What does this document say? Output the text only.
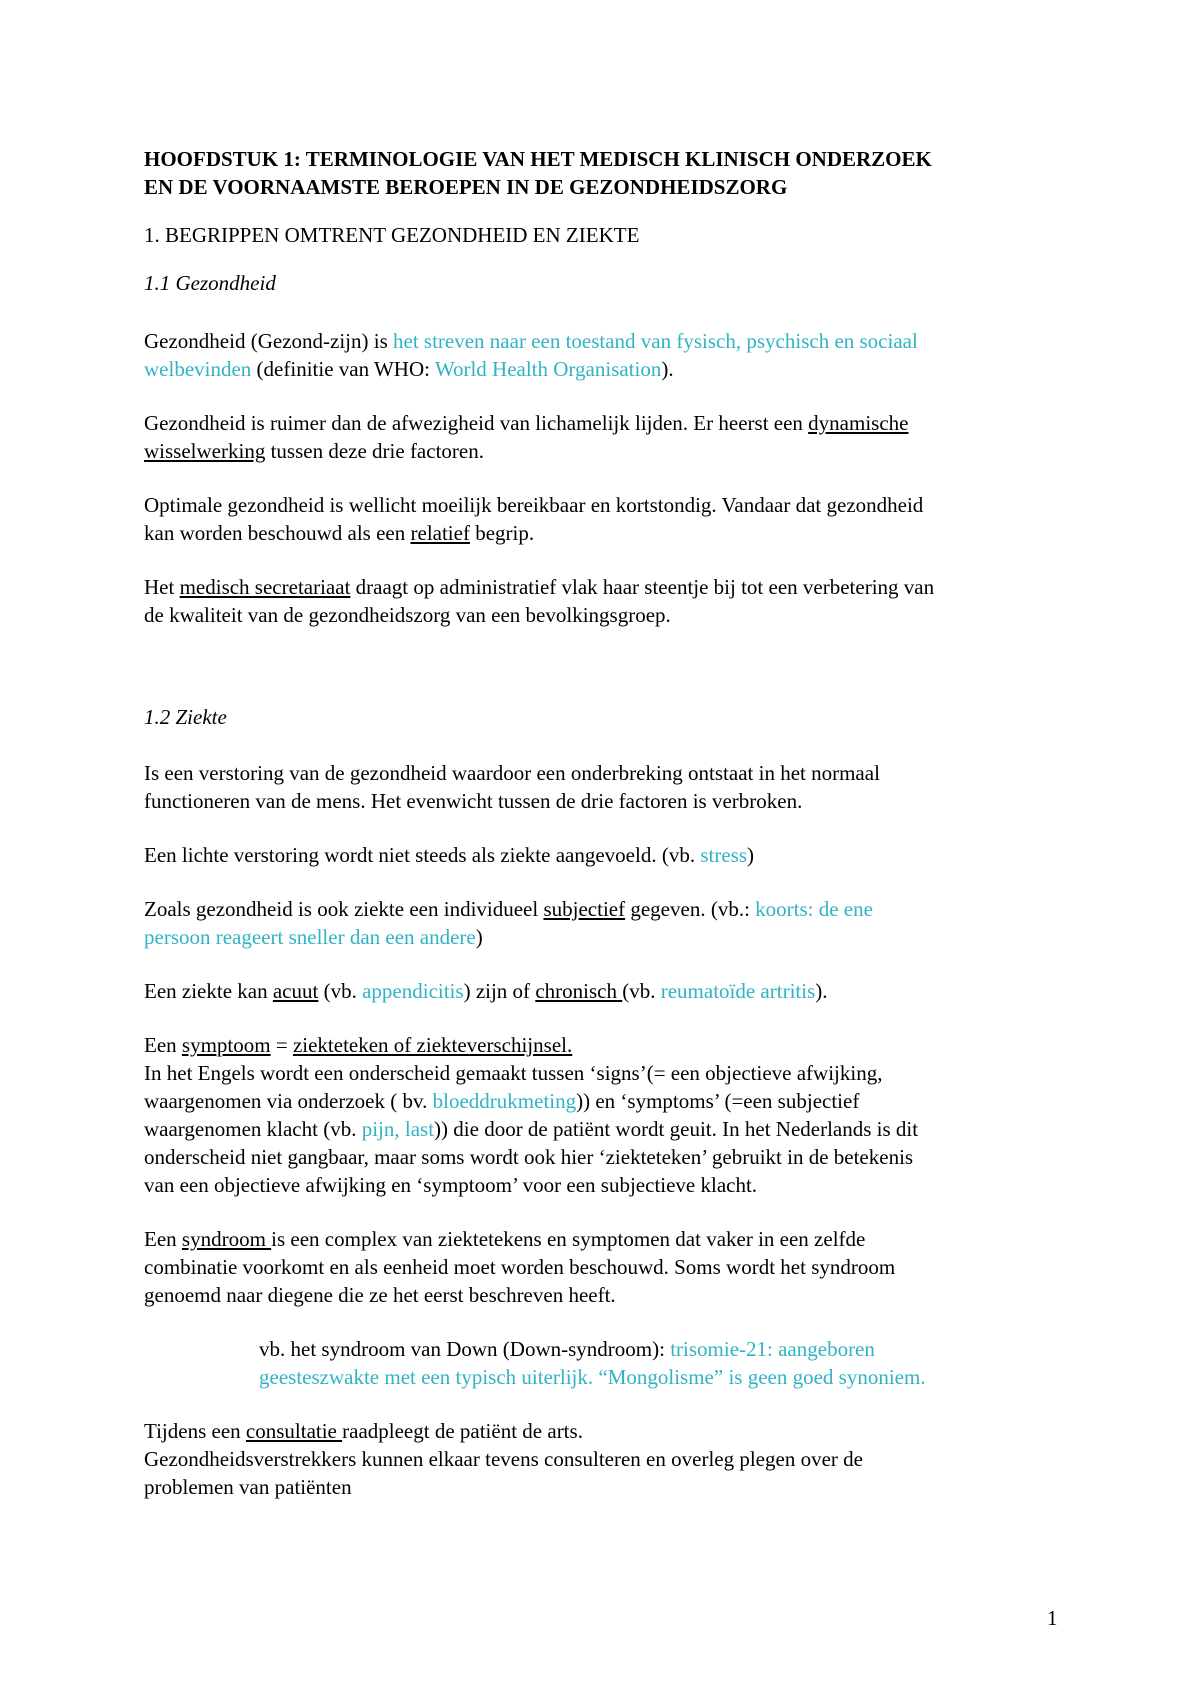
HOOFDSTUK 1: TERMINOLOGIE VAN HET MEDISCH KLINISCH ONDERZOEK
EN DE VOORNAAMSTE BEROEPEN IN DE GEZONDHEIDSZORG

1. BEGRIPPEN OMTRENT GEZONDHEID EN ZIEKTE

1.1 Gezondheid

Gezondheid (Gezond-zijn) is het streven naar een toestand van fysisch, psychisch en sociaal
welbevinden (definitie van WHO: World Health Organisation).

Gezondheid is ruimer dan de afwezigheid van lichamelijk lijden. Er heerst een dynamische
wisselwerking tussen deze drie factoren.

Optimale gezondheid is wellicht moeilijk bereikbaar en kortstondig. Vandaar dat gezondheid
kan worden beschouwd als een relatief begrip.

Het medisch secretariaat draagt op administratief vlak haar steentje bij tot een verbetering van
de kwaliteit van de gezondheidszorg van een bevolkingsgroep.

1.2 Ziekte

Is een verstoring van de gezondheid waardoor een onderbreking ontstaat in het normaal
functioneren van de mens. Het evenwicht tussen de drie factoren is verbroken.

Een lichte verstoring wordt niet steeds als ziekte aangevoeld. (vb. stress)

Zoals gezondheid is ook ziekte een individueel subjectief gegeven. (vb.: koorts: de ene
persoon reageert sneller dan een andere)

Een ziekte kan acuut (vb. appendicitis) zijn of chronisch (vb. reumatoïde artritis).

Een symptoom = ziekteteken of ziekteverschijnsel.
In het Engels wordt een onderscheid gemaakt tussen ‘signs’(= een objectieve afwijking,
waargenomen via onderzoek ( bv. bloeddrukmeting)) en ‘symptoms’ (=een subjectief
waargenomen klacht (vb. pijn, last)) die door de patiënt wordt geuit. In het Nederlands is dit
onderscheid niet gangbaar, maar soms wordt ook hier ‘ziekteteken’ gebruikt in de betekenis
van een objectieve afwijking en ‘symptoom’ voor een subjectieve klacht.

Een syndroom is een complex van ziektetekens en symptomen dat vaker in een zelfde
combinatie voorkomt en als eenheid moet worden beschouwd. Soms wordt het syndroom
genoemd naar diegene die ze het eerst beschreven heeft.

vb. het syndroom van Down (Down-syndroom): trisomie-21: aangeboren
geesteszwakte met een typisch uiterlijk. “Mongolisme” is geen goed synoniem.

Tijdens een consultatie raadpleegt de patiënt de arts.
Gezondheidsverstrekkers kunnen elkaar tevens consulteren en overleg plegen over de
problemen van patiënten

1
